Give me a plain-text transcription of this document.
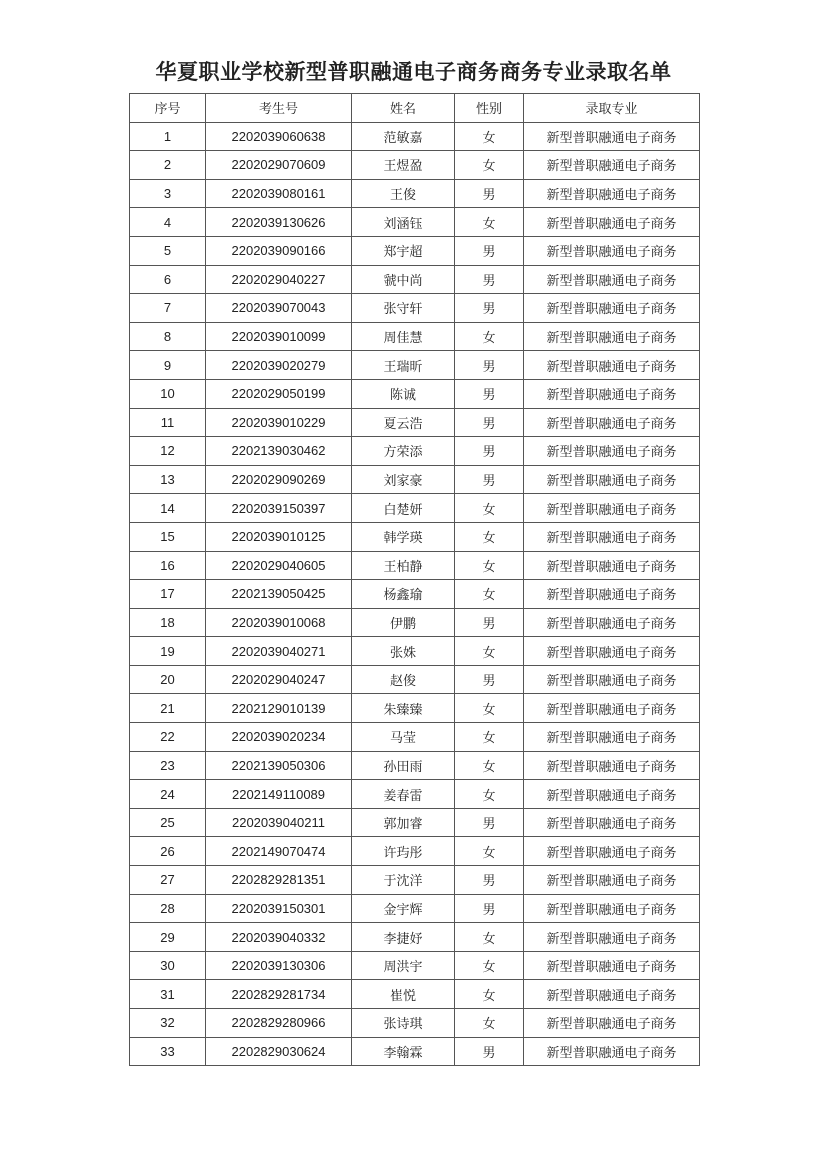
华夏职业学校新型普职融通电子商务商务专业录取名单
序号	考生号	姓名	性别	录取专业
1	2202039060638	范敏嘉	女	新型普职融通电子商务
2	2202029070609	王煜盈	女	新型普职融通电子商务
3	2202039080161	王俊	男	新型普职融通电子商务
4	2202039130626	刘涵钰	女	新型普职融通电子商务
5	2202039090166	郑宇超	男	新型普职融通电子商务
6	2202029040227	虢中尚	男	新型普职融通电子商务
7	2202039070043	张守轩	男	新型普职融通电子商务
8	2202039010099	周佳慧	女	新型普职融通电子商务
9	2202039020279	王瑞昕	男	新型普职融通电子商务
10	2202029050199	陈诚	男	新型普职融通电子商务
11	2202039010229	夏云浩	男	新型普职融通电子商务
12	2202139030462	方荣添	男	新型普职融通电子商务
13	2202029090269	刘家豪	男	新型普职融通电子商务
14	2202039150397	白楚妍	女	新型普职融通电子商务
15	2202039010125	韩学瑛	女	新型普职融通电子商务
16	2202029040605	王柏静	女	新型普职融通电子商务
17	2202139050425	杨鑫瑜	女	新型普职融通电子商务
18	2202039010068	伊鹏	男	新型普职融通电子商务
19	2202039040271	张姝	女	新型普职融通电子商务
20	2202029040247	赵俊	男	新型普职融通电子商务
21	2202129010139	朱臻臻	女	新型普职融通电子商务
22	2202039020234	马莹	女	新型普职融通电子商务
23	2202139050306	孙田雨	女	新型普职融通电子商务
24	2202149110089	姜春雷	女	新型普职融通电子商务
25	2202039040211	郭加睿	男	新型普职融通电子商务
26	2202149070474	许玙彤	女	新型普职融通电子商务
27	2202829281351	于沈洋	男	新型普职融通电子商务
28	2202039150301	金宇辉	男	新型普职融通电子商务
29	2202039040332	李捷妤	女	新型普职融通电子商务
30	2202039130306	周洪宇	女	新型普职融通电子商务
31	2202829281734	崔悦	女	新型普职融通电子商务
32	2202829280966	张诗琪	女	新型普职融通电子商务
33	2202829030624	李翰霖	男	新型普职融通电子商务
